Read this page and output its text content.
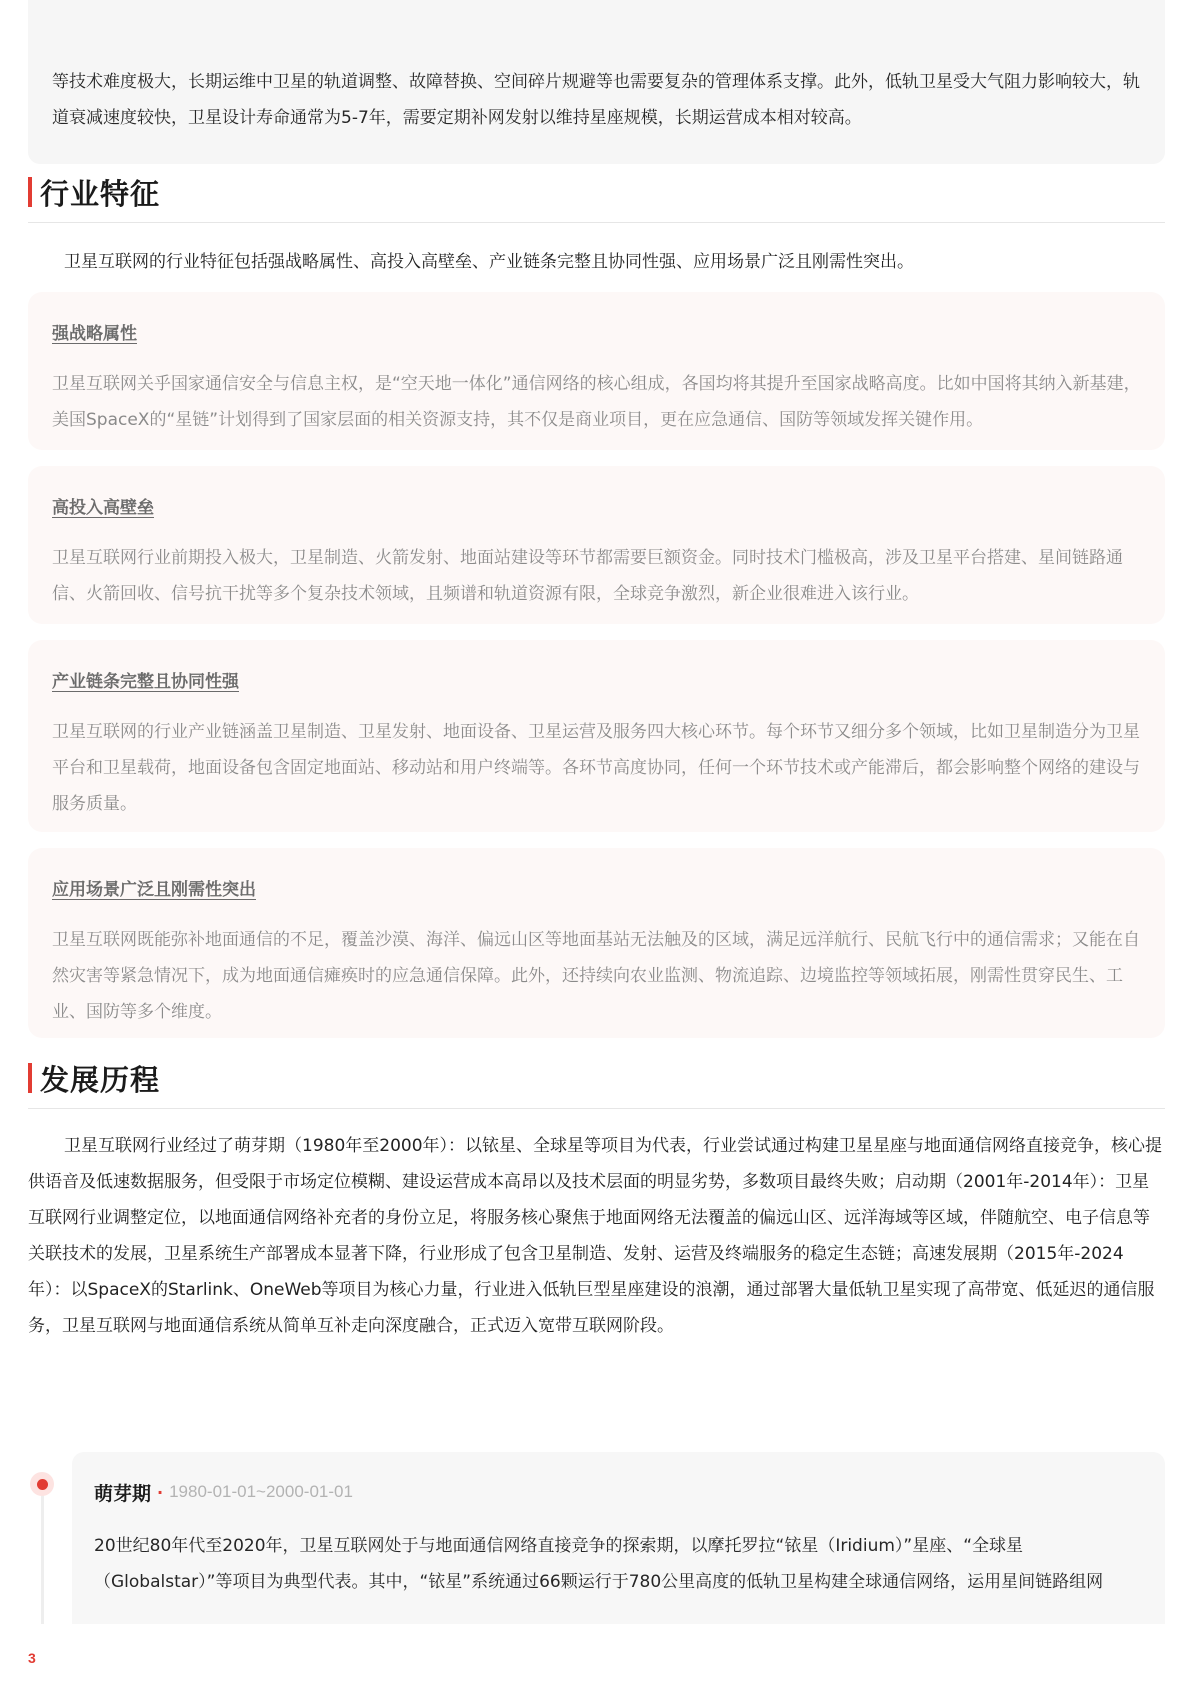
等技术难度极大，长期运维中卫星的轨道调整、故障替换、空间碎片规避等也需要复杂的管理体系支撑。此外，低轨卫星受大气阻力影响较大，轨道衰减速度较快，卫星设计寿命通常为5-7年，需要定期补网发射以维持星座规模，长期运营成本相对较高。

行业特征

卫星互联网的行业特征包括强战略属性、高投入高壁垒、产业链条完整且协同性强、应用场景广泛且刚需性突出。

强战略属性

卫星互联网关乎国家通信安全与信息主权，是“空天地一体化”通信网络的核心组成，各国均将其提升至国家战略高度。比如中国将其纳入新基建，美国SpaceX的“星链”计划得到了国家层面的相关资源支持，其不仅是商业项目，更在应急通信、国防等领域发挥关键作用。

高投入高壁垒

卫星互联网行业前期投入极大，卫星制造、火箭发射、地面站建设等环节都需要巨额资金。同时技术门槛极高，涉及卫星平台搭建、星间链路通信、火箭回收、信号抗干扰等多个复杂技术领域，且频谱和轨道资源有限，全球竞争激烈，新企业很难进入该行业。

产业链条完整且协同性强

卫星互联网的行业产业链涵盖卫星制造、卫星发射、地面设备、卫星运营及服务四大核心环节。每个环节又细分多个领域，比如卫星制造分为卫星平台和卫星载荷，地面设备包含固定地面站、移动站和用户终端等。各环节高度协同，任何一个环节技术或产能滞后，都会影响整个网络的建设与服务质量。

应用场景广泛且刚需性突出

卫星互联网既能弥补地面通信的不足，覆盖沙漠、海洋、偏远山区等地面基站无法触及的区域，满足远洋航行、民航飞行中的通信需求；又能在自然灾害等紧急情况下，成为地面通信瘫痪时的应急通信保障。此外，还持续向农业监测、物流追踪、边境监控等领域拓展，刚需性贯穿民生、工业、国防等多个维度。

发展历程

卫星互联网行业经过了萌芽期（1980年至2000年）：以铱星、全球星等项目为代表，行业尝试通过构建卫星星座与地面通信网络直接竞争，核心提供语音及低速数据服务，但受限于市场定位模糊、建设运营成本高昂以及技术层面的明显劣势，多数项目最终失败；启动期（2001年-2014年）：卫星互联网行业调整定位，以地面通信网络补充者的身份立足，将服务核心聚焦于地面网络无法覆盖的偏远山区、远洋海域等区域，伴随航空、电子信息等关联技术的发展，卫星系统生产部署成本显著下降，行业形成了包含卫星制造、发射、运营及终端服务的稳定生态链；高速发展期（2015年-2024年）：以SpaceX的Starlink、OneWeb等项目为核心力量，行业进入低轨巨型星座建设的浪潮，通过部署大量低轨卫星实现了高带宽、低延迟的通信服务，卫星互联网与地面通信系统从简单互补走向深度融合，正式迈入宽带互联网阶段。

萌芽期 · 1980-01-01~2000-01-01

20世纪80年代至2020年，卫星互联网处于与地面通信网络直接竞争的探索期，以摩托罗拉“铱星（Iridium）”星座、“全球星（Globalstar）”等项目为典型代表。其中，“铱星”系统通过66颗运行于780公里高度的低轨卫星构建全球通信网络，运用星间链路组网

3
